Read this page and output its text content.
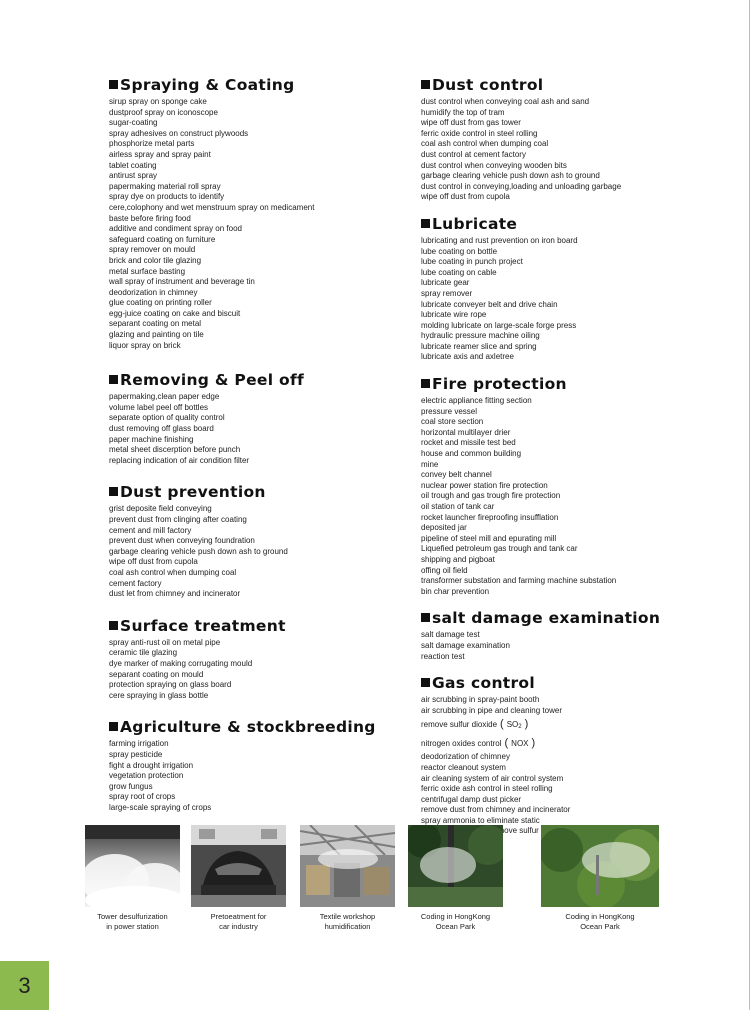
Spraying & Coating
sirup spray on sponge cake
dustproof spray on iconoscope
sugar-coating
spray adhesives on construct plywoods
phosphorize metal parts
airless spray and spray paint
tablet coating
antirust spray
papermaking material roll spray
spray dye on products to identify
cere,colophony and wet menstruum spray on medicament
baste before firing food
additive and condiment spray on food
safeguard coating on furniture
spray remover on mould
brick and color tile glazing
metal surface basting
wall spray of instrument and beverage tin
deodorization in chimney
glue coating on printing roller
egg-juice coating on cake and biscuit
separant coating on metal
glazing and painting on tile
liquor spray on brick
Removing & Peel off
papermaking,clean paper edge
volume label peel off bottles
separate option of quality control
dust removing off glass board
paper machine finishing
metal sheet discerption before punch
replacing indication of air condition filter
Dust prevention
grist deposite field conveying
prevent dust from clinging after coating
cement and mill factory
prevent dust when conveying foundration
garbage clearing vehicle push down ash to ground
wipe off dust from cupola
coal ash control when dumping coal
cement factory
dust let from chimney and incinerator
Surface treatment
spray anti-rust oil on metal pipe
ceramic tile glazing
dye marker of making corrugating mould
separant coating on mould
protection spraying on glass board
cere spraying in glass bottle
Agriculture & stockbreeding
farming irrigation
spray pesticide
fight a drought irrigation
vegetation protection
grow fungus
spray root of crops
large-scale spraying of crops
Dust control
dust control when conveying coal ash and sand
humidify the top of tram
wipe off dust from gas tower
ferric oxide control in steel rolling
coal ash control when dumping coal
dust control at cement factory
dust control when conveying wooden bits
garbage clearing vehicle push down ash to ground
dust control in conveying,loading and unloading garbage
wipe off dust from cupola
Lubricate
lubricating and rust prevention on iron board
lube coating on bottle
lube coating in punch project
lube coating on cable
lubricate gear
spray remover
lubricate conveyer belt and drive chain
lubricate wire rope
molding lubricate on large-scale forge press
hydraulic pressure machine oiling
lubricate reamer slice and spring
lubricate axis and axletree
Fire protection
electric appliance fitting section
pressure vessel
coal store section
horizontal multilayer drier
rocket and missile test bed
house and common building
mine
convey belt channel
nuclear power station fire protection
oil trough and gas trough fire protection
oil station of tank car
rocket launcher fireproofing insufflation
deposited jar
pipeline of steel mill and epurating mill
Liquefied petroleum gas trough and tank car
shipping and pigboat
offing oil field
transformer substation and farming machine substation
bin char prevention
salt damage examination
salt damage test
salt damage examination
reaction test
Gas control
air scrubbing in spray-paint booth
air scrubbing in pipe and cleaning tower
remove sulfur dioxide ( SO2 )
nitrogen oxides control ( NOX )
deodorization of chimney
reactor cleanout system
air cleaning system of air control system
ferric oxide ash control in steel rolling
centrifugal damp dust picker
remove dust from chimney and incinerator
spray ammonia to eliminate static
remove sulfur
Tower desulfurization
in power station
Pretoeatment for
car industry
Textile workshop
humidification
Coding in HongKong
Ocean Park
Coding in HongKong
Ocean Park
3
